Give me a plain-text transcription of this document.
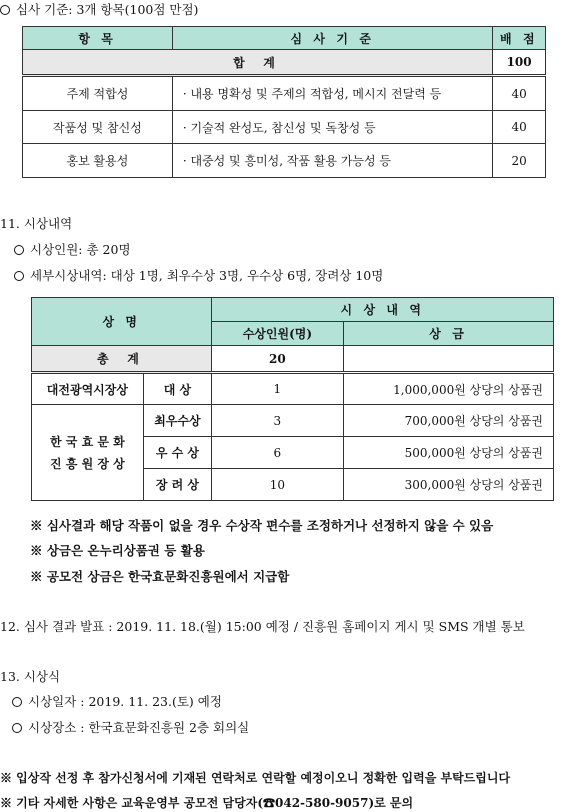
심사 기준: 3개 항목(100점 만점)
항 목	심 사 기 준	배 점
합 계		100
주제 적합성	· 내용 명확성 및 주제의 적합성, 메시지 전달력 등	40
작품성 및 참신성	· 기술적 완성도, 참신성 및 독창성 등	40
홍보 활용성	· 대중성 및 흥미성, 작품 활용 가능성 등	20
11. 시상내역
시상인원: 총 20명
세부시상내역: 대상 1명, 최우수상 3명, 우수상 6명, 장려상 10명
상 명		시 상 내 역	
		수상인원(명)	상 금
총 계		20	
대전광역시장상	대 상	1	1,000,000원 상당의 상품권

한 국 효 문 화
진 흥 원 장 상	최우수상	3	700,000원 상당의 상품권
	우 수 상	6	500,000원 상당의 상품권
	장 려 상	10	300,000원 상당의 상품권
※ 심사결과 해당 작품이 없을 경우 수상작 편수를 조정하거나 선정하지 않을 수 있음
※ 상금은 온누리상품권 등 활용
※ 공모전 상금은 한국효문화진흥원에서 지급함
12. 심사 결과 발표 : 2019. 11. 18.(월) 15:00 예정 / 진흥원 홈페이지 게시 및 SMS 개별 통보
13. 시상식
시상일자 : 2019. 11. 23.(토) 예정
시상장소 : 한국효문화진흥원 2층 회의실
※ 입상작 선정 후 참가신청서에 기재된 연락처로 연락할 예정이오니 정확한 입력을 부탁드립니다
※ 기타 자세한 사항은 교육운영부 공모전 담당자(☎042-580-9057)로 문의
